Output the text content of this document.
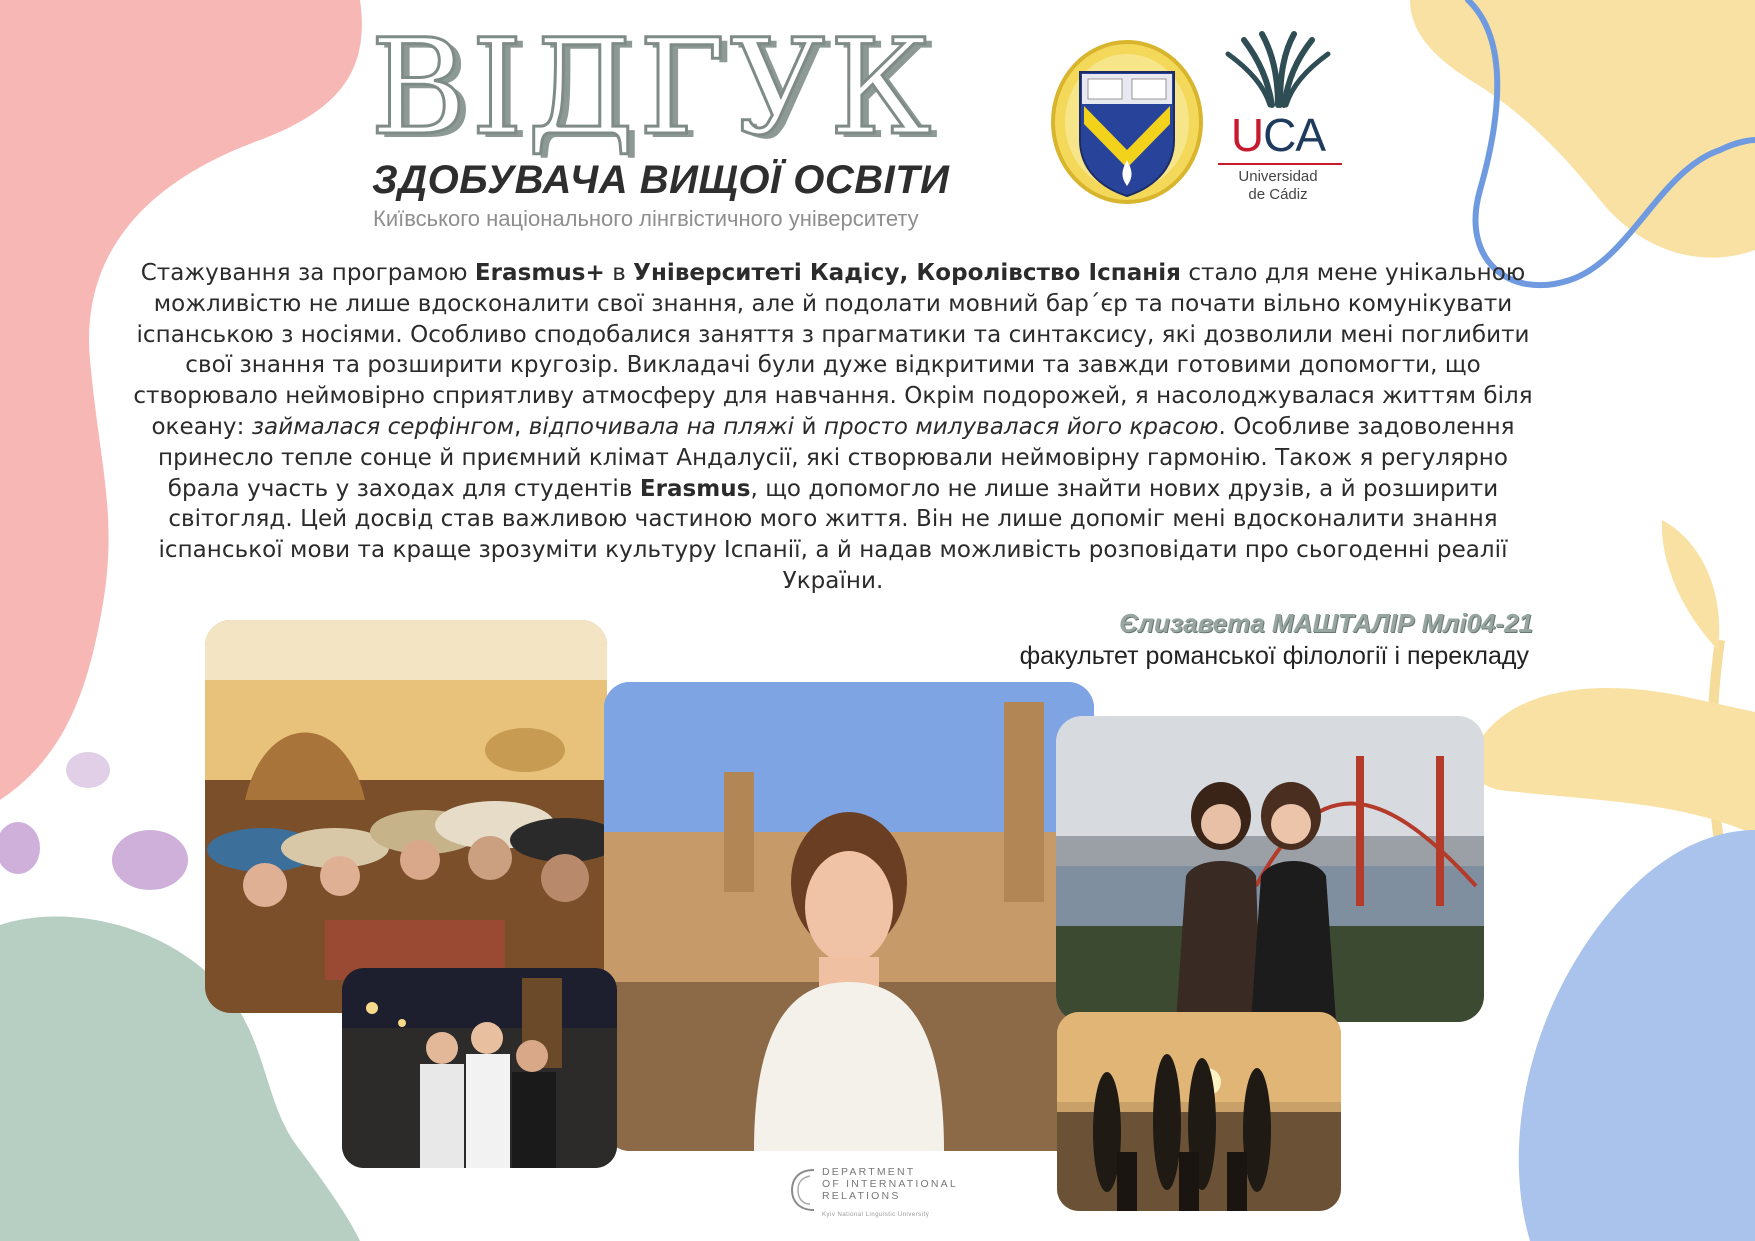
ВІДГУК
ЗДОБУВАЧА ВИЩОЇ ОСВІТИ
Київського національного лінгвістичного університету
UCA
Universidad
de Cádiz
Стажування за програмою Erasmus+ в Університеті Кадісу, Королівство Іспанія стало для мене унікальною можливістю не лише вдосконалити свої знання, але й подолати мовний бар´єр та почати вільно комунікувати іспанською з носіями. Особливо сподобалися заняття з прагматики та синтаксису, які дозволили мені поглибити свої знання та розширити кругозір. Викладачі були дуже відкритими та завжди готовими допомогти, що створювало неймовірно сприятливу атмосферу для навчання. Окрім подорожей, я насолоджувалася життям біля океану: займалася серфінгом, відпочивала на пляжі й просто милувалася його красою. Особливе задоволення принесло тепле сонце й приємний клімат Андалусії, які створювали неймовірну гармонію. Також я регулярно брала участь у заходах для студентів Erasmus, що допомогло не лише знайти нових друзів, а й розширити світогляд. Цей досвід став важливою частиною мого життя. Він не лише допоміг мені вдосконалити знання іспанської мови та краще зрозуміти культуру Іспанії, а й надав можливість розповідати про сьогоденні реалії України.
Єлизавета МАШТАЛІР Млі04-21
факультет романської філології і перекладу
DEPARTMENT
OF INTERNATIONAL
RELATIONS
Kyiv National Linguistic University
